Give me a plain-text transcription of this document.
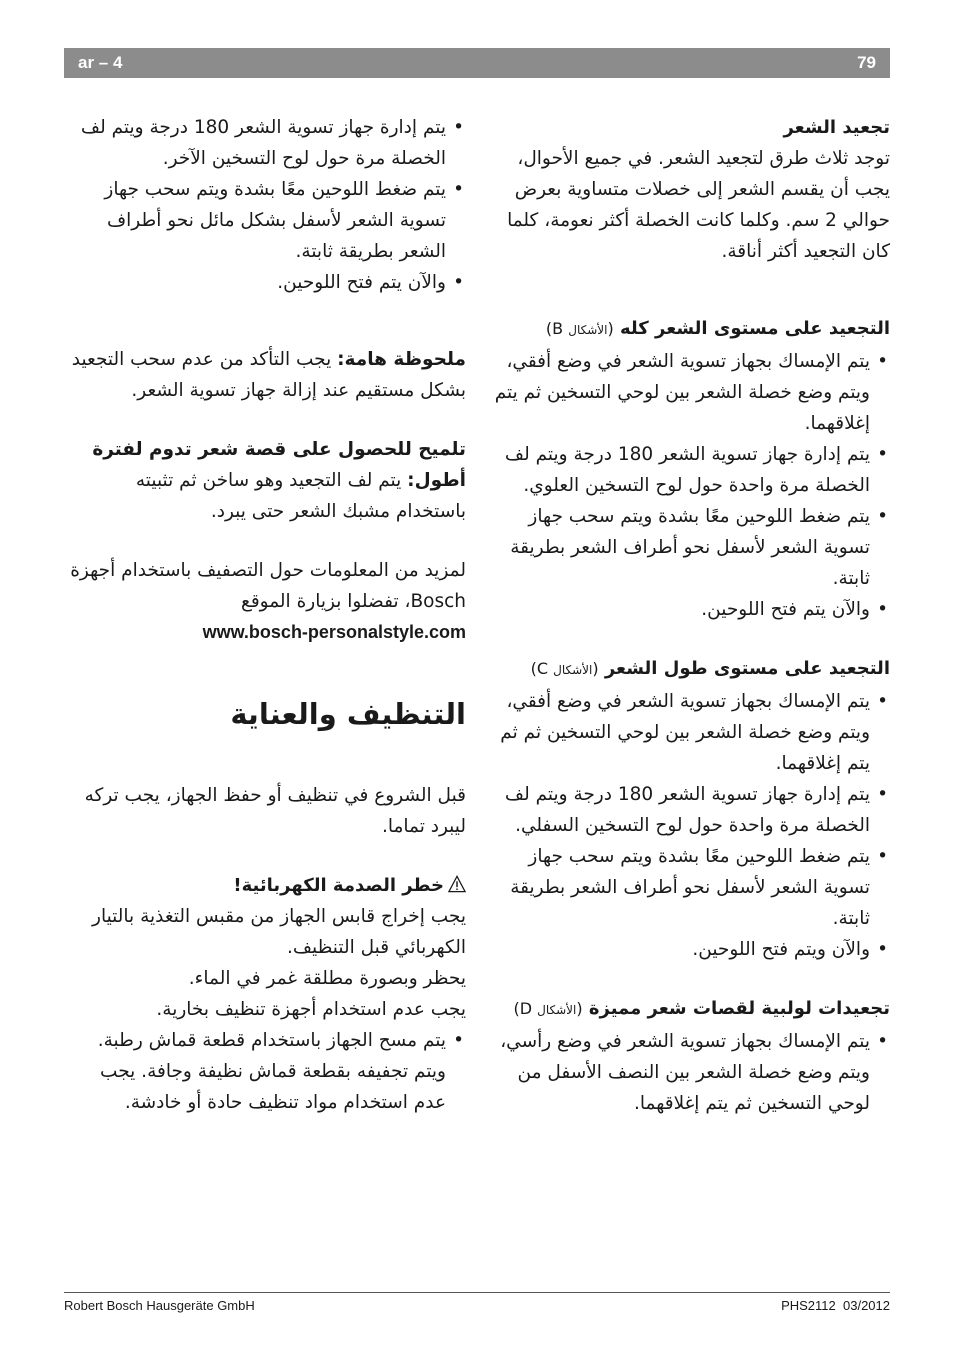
ar – 4	79
تجعيد الشعر

توجد ثلاث طرق لتجعيد الشعر. في جميع الأحوال، يجب أن يقسم الشعر إلى خصلات متساوية بعرض حوالي 2 سم. وكلما كانت الخصلة أكثر نعومة، كلما كان التجعيد أكثر أناقة.

التجعيد على مستوى الشعر كله (الأشكال B)
• يتم الإمساك بجهاز تسوية الشعر في وضع أفقي، ويتم وضع خصلة الشعر بين لوحي التسخين ثم يتم إغلاقهما.
• يتم إدارة جهاز تسوية الشعر 180 درجة ويتم لف الخصلة مرة واحدة حول لوح التسخين العلوي.
• يتم ضغط اللوحين معًا بشدة ويتم سحب جهاز تسوية الشعر لأسفل نحو أطراف الشعر بطريقة ثابتة.
• والآن يتم فتح اللوحين.
التجعيد على مستوى طول الشعر (الأشكال C)
• يتم الإمساك بجهاز تسوية الشعر في وضع أفقي، ويتم وضع خصلة الشعر بين لوحي التسخين ثم ثم يتم إغلاقهما.
• يتم إدارة جهاز تسوية الشعر 180 درجة ويتم لف الخصلة مرة واحدة حول لوح التسخين السفلي.
• يتم ضغط اللوحين معًا بشدة ويتم سحب جهاز تسوية الشعر لأسفل نحو أطراف الشعر بطريقة ثابتة.
• والآن ويتم فتح اللوحين.
تجعيدات لولبية لقصات شعر مميزة (الأشكال D)
• يتم الإمساك بجهاز تسوية الشعر في وضع رأسي، ويتم وضع خصلة الشعر بين النصف الأسفل من لوحي التسخين ثم يتم إغلاقهما.
• يتم إدارة جهاز تسوية الشعر 180 درجة ويتم لف الخصلة مرة حول لوح التسخين الآخر.
• يتم ضغط اللوحين معًا بشدة ويتم سحب جهاز تسوية الشعر لأسفل بشكل مائل نحو أطراف الشعر بطريقة ثابتة.
• والآن يتم فتح اللوحين.

ملحوظة هامة: يجب التأكد من عدم سحب التجعيد بشكل مستقيم عند إزالة جهاز تسوية الشعر.

تلميح للحصول على قصة شعر تدوم لفترة أطول: يتم لف التجعيد وهو ساخن ثم تثبيته باستخدام مشبك الشعر حتى يبرد.

لمزيد من المعلومات حول التصفيف باستخدام أجهزة Bosch، تفضلوا بزيارة الموقع

www.bosch-personalstyle.com

التنظيف والعناية

قبل الشروع في تنظيف أو حفظ الجهاز، يجب تركه ليبرد تماما.

خطر الصدمة الكهربائية!

يجب إخراج قابس الجهاز من مقبس التغذية بالتيار الكهربائي قبل التنظيف.

يحظر وبصورة مطلقة غمر في الماء.

يجب عدم استخدام أجهزة تنظيف بخارية.

• يتم مسح الجهاز باستخدام قطعة قماش رطبة. ويتم تجفيفه بقطعة قماش نظيفة وجافة. يجب عدم استخدام مواد تنظيف حادة أو خادشة.
Robert Bosch Hausgeräte GmbH	PHS2112 03/2012
